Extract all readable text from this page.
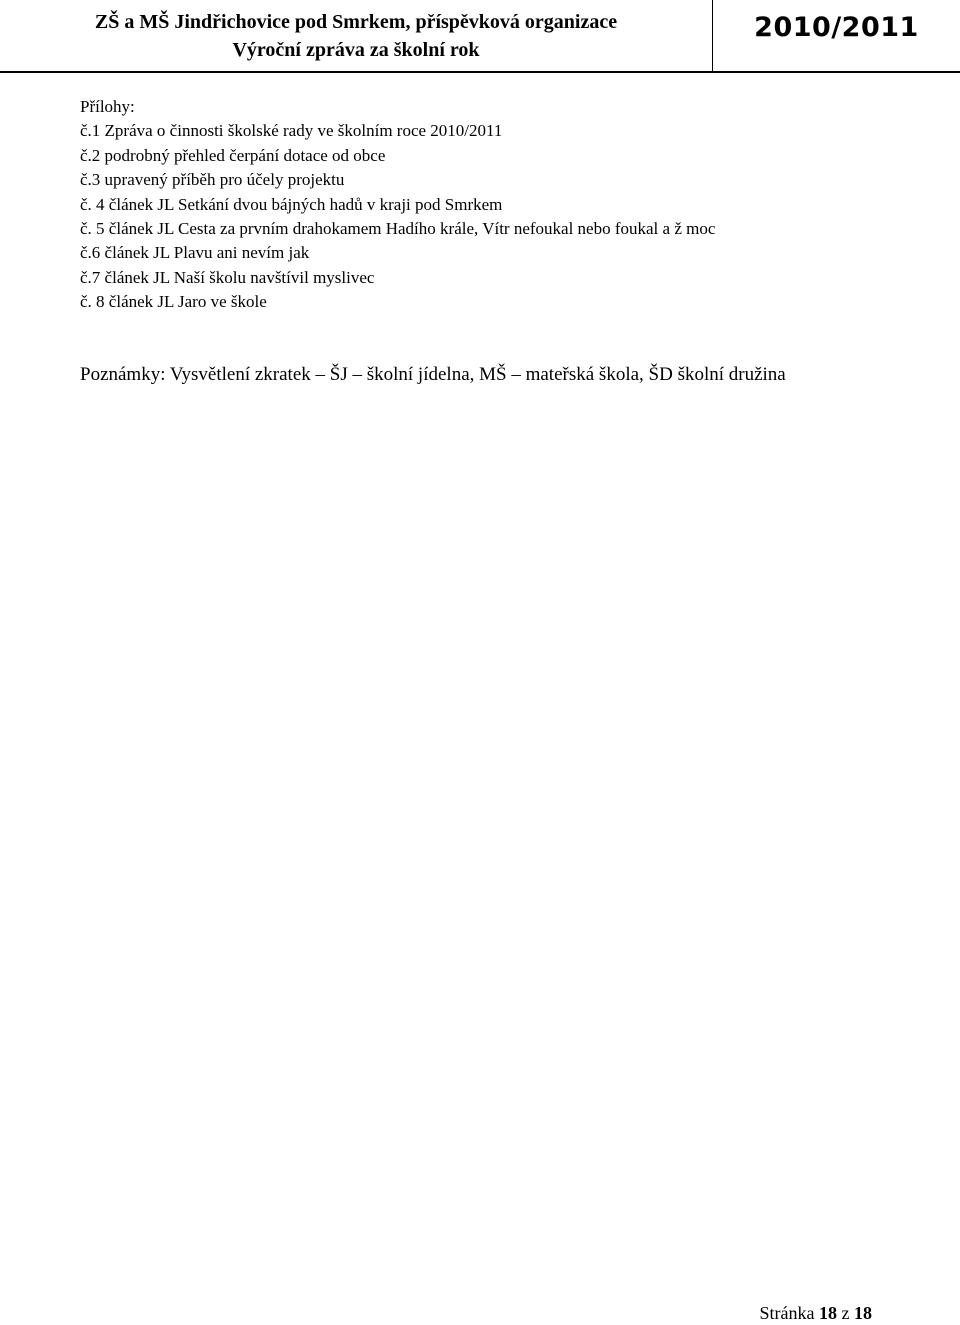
ZŠ a MŠ Jindřichovice pod Smrkem, příspěvková organizace
Výroční zpráva za školní rok
2010/2011
Přílohy:
č.1 Zpráva o činnosti školské rady ve školním roce 2010/2011
č.2 podrobný přehled čerpání dotace od obce
č.3 upravený příběh pro účely projektu
č. 4 článek JL Setkání dvou bájných hadů v kraji pod Smrkem
č. 5 článek JL Cesta za prvním drahokamem Hadího krále, Vítr nefoukal nebo foukal a ž moc
č.6 článek JL Plavu ani nevím jak
č.7 článek JL Naší školu navštívil myslivec
č. 8 článek JL Jaro ve škole
Poznámky: Vysvětlení zkratek – ŠJ – školní jídelna, MŠ – mateřská škola, ŠD školní družina
Stránka 18 z 18
